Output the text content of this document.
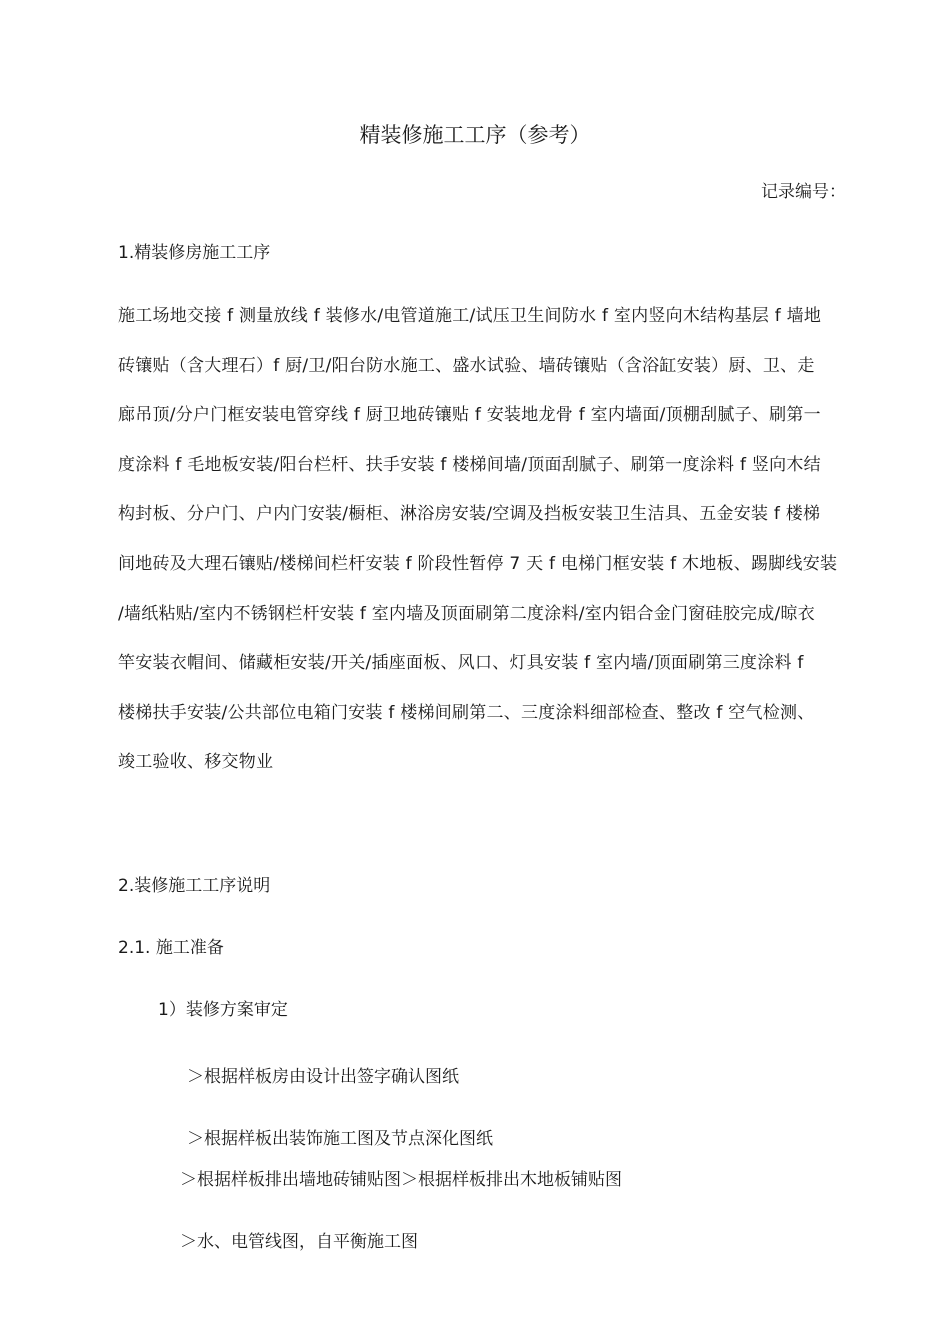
精装修施工工序（参考）
记录编号：
1.精装修房施工工序
施工场地交接 f 测量放线 f 装修水/电管道施工/试压卫生间防水 f 室内竖向木结构基层 f 墙地
砖镶贴（含大理石）f 厨/卫/阳台防水施工、盛水试验、墙砖镶贴（含浴缸安装）厨、卫、走
廊吊顶/分户门框安装电管穿线 f 厨卫地砖镶贴 f 安装地龙骨 f 室内墙面/顶棚刮腻子、刷第一
度涂料 f 毛地板安装/阳台栏杆、扶手安装 f 楼梯间墙/顶面刮腻子、刷第一度涂料 f 竖向木结
构封板、分户门、户内门安装/橱柜、淋浴房安装/空调及挡板安装卫生洁具、五金安装 f 楼梯
间地砖及大理石镶贴/楼梯间栏杆安装 f 阶段性暂停 7 天 f 电梯门框安装 f 木地板、踢脚线安装
/墙纸粘贴/室内不锈钢栏杆安装 f 室内墙及顶面刷第二度涂料/室内铝合金门窗硅胶完成/晾衣
竿安装衣帽间、储藏柜安装/开关/插座面板、风口、灯具安装 f 室内墙/顶面刷第三度涂料 f
楼梯扶手安装/公共部位电箱门安装 f 楼梯间刷第二、三度涂料细部检查、整改 f 空气检测、
竣工验收、移交物业
2.装修施工工序说明
2.1. 施工准备
1）装修方案审定
＞根据样板房由设计出签字确认图纸
＞根据样板出装饰施工图及节点深化图纸
＞根据样板排出墙地砖铺贴图＞根据样板排出木地板铺贴图
＞水、电管线图，自平衡施工图
